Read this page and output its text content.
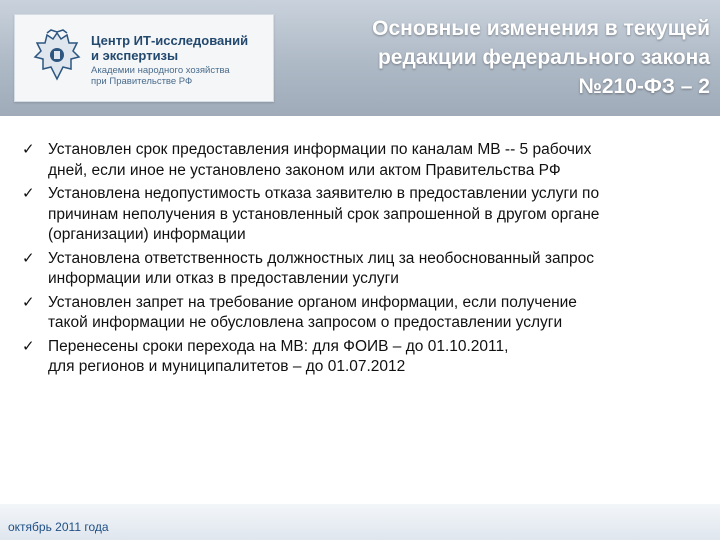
Центр ИТ-исследований
и экспертизы
Академии народного хозяйства
при Правительстве РФ
Основные изменения в текущей
редакции федерального закона
№210-ФЗ – 2
✓ Установлен срок предоставления информации по каналам МВ -- 5 рабочих
дней, если иное не установлено законом или актом Правительства РФ
✓ Установлена недопустимость отказа заявителю в предоставлении услуги по
причинам неполучения в установленный срок запрошенной в другом органе
(организации) информации
✓ Установлена ответственность должностных лиц за необоснованный запрос
информации или отказ в предоставлении услуги
✓ Установлен запрет на требование органом информации, если получение
такой информации не обусловлена запросом о предоставлении услуги
✓ Перенесены сроки перехода на МВ: для ФОИВ – до 01.10.2011,
для регионов и муниципалитетов – до 01.07.2012
октябрь 2011 года
